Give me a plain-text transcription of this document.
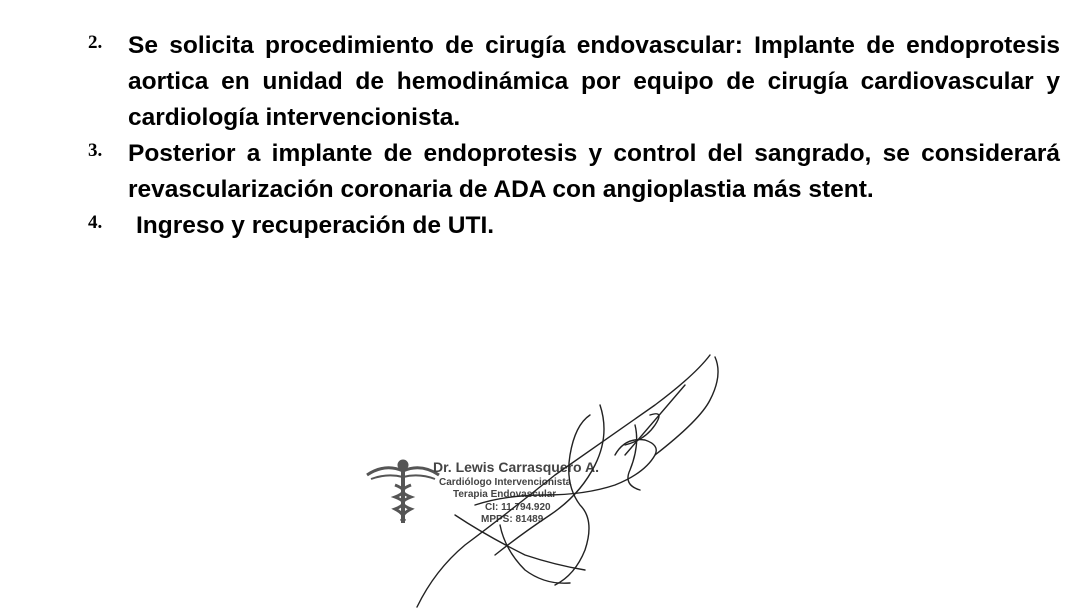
2. Se solicita procedimiento de cirugía endovascular: Implante de endoprotesis aortica en unidad de hemodinámica por equipo de cirugía cardiovascular y cardiología intervencionista.
3. Posterior a implante de endoprotesis y control del sangrado, se considerará revascularización coronaria de ADA con angioplastia más stent.
4.	Ingreso y recuperación de UTI.
Dr. Lewis Carrasquero A.
Cardiólogo Intervencionista
Terapia Endovascular
CI: 11.794.920
MPPS: 81489
